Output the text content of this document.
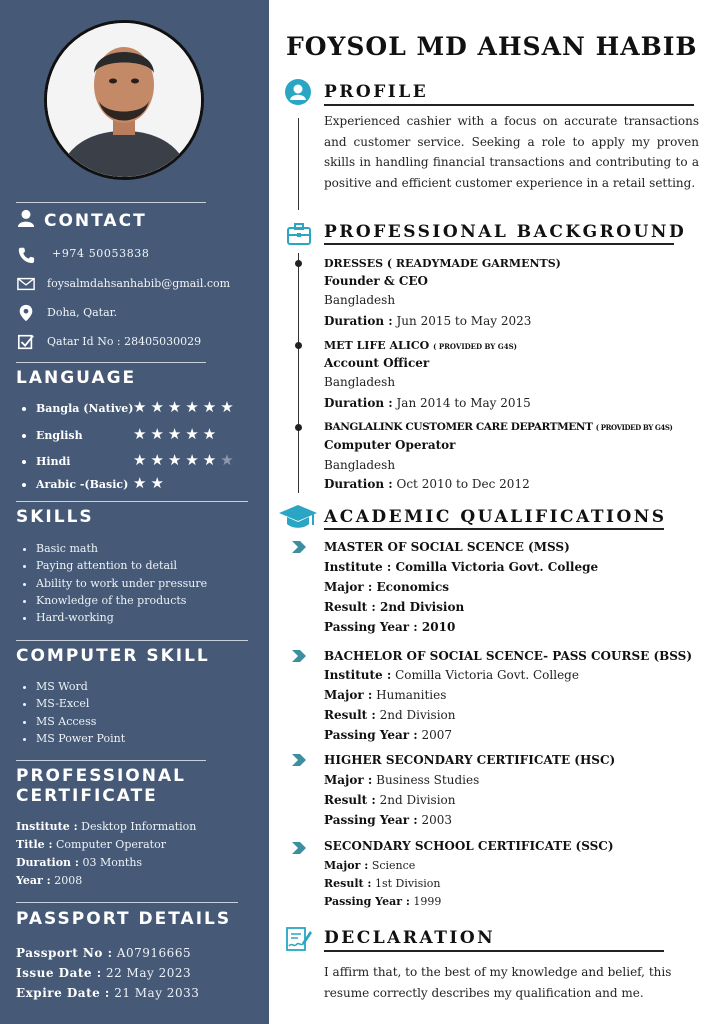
CONTACT
+974 50053838
foysalmdahsanhabib@gmail.com
Doha, Qatar.
Qatar Id No : 28405030029
LANGUAGE
Bangla (Native) ★★★★★★
English	★★★★★
Hindi	★★★★★★
Arabic -(Basic) ★★
SKILLS
• Basic math
• Paying attention to detail
• Ability to work under pressure
• Knowledge of the products
• Hard-working
COMPUTER SKILL
• MS Word
• MS-Excel
• MS Access
• MS Power Point
PROFESSIONAL
CERTIFICATE
Institute : Desktop Information
Title : Computer Operator
Duration : 03 Months
Year : 2008
PASSPORT DETAILS
Passport No : A07916665
Issue Date : 22 May 2023
Expire Date : 21 May 2033
FOYSOL MD AHSAN HABIB
PROFILE
Experienced cashier with a focus on accurate transactions and customer service. Seeking a role to apply my proven skills in handling financial transactions and contributing to a positive and efficient customer experience in a retail setting.
PROFESSIONAL BACKGROUND
DRESSES ( READYMADE GARMENTS)
Founder & CEO
Bangladesh
Duration : Jun 2015 to May 2023
MET LIFE ALICO ( PROVIDED BY G4S)
Account Officer
Bangladesh
Duration : Jan 2014 to May 2015
BANGLALINK CUSTOMER CARE DEPARTMENT ( PROVIDED BY G4S)
Computer Operator
Bangladesh
Duration : Oct 2010 to Dec 2012
ACADEMIC QUALIFICATIONS
MASTER OF SOCIAL SCENCE (MSS)
Institute : Comilla Victoria Govt. College
Major : Economics
Result : 2nd Division
Passing Year : 2010
BACHELOR OF SOCIAL SCENCE- PASS COURSE (BSS)
Institute : Comilla Victoria Govt. College
Major : Humanities
Result : 2nd Division
Passing Year : 2007
HIGHER SECONDARY CERTIFICATE (HSC)
Major : Business Studies
Result : 2nd Division
Passing Year : 2003
SECONDARY SCHOOL CERTIFICATE (SSC)
Major : Science
Result : 1st Division
Passing Year : 1999
DECLARATION
I affirm that, to the best of my knowledge and belief, this
resume correctly describes my qualification and me.
